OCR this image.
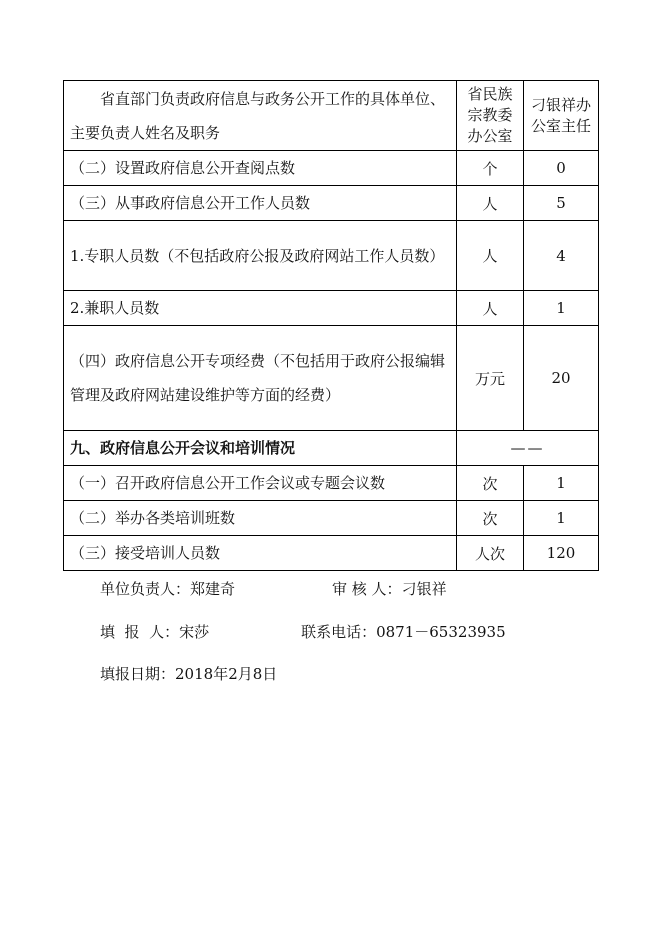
省直部门负责政府信息与政务公开工作的具体单位、主要负责人姓名及职务	省民族宗教委办公室	刁银祥办公室主任
（二）设置政府信息公开查阅点数	个	0
（三）从事政府信息公开工作人员数	人	5
1.专职人员数（不包括政府公报及政府网站工作人员数）	人	4
2.兼职人员数	人	1
（四）政府信息公开专项经费（不包括用于政府公报编辑管理及政府网站建设维护等方面的经费）	万元	20
九、政府信息公开会议和培训情况	——	
（一）召开政府信息公开工作会议或专题会议数	次	1
（二）举办各类培训班数	次	1
（三）接受培训人员数	人次	120
单位负责人：郑建奇	审 核 人：刁银祥
填  报  人：宋莎	联系电话：0871－65323935
填报日期：2018年2月8日
